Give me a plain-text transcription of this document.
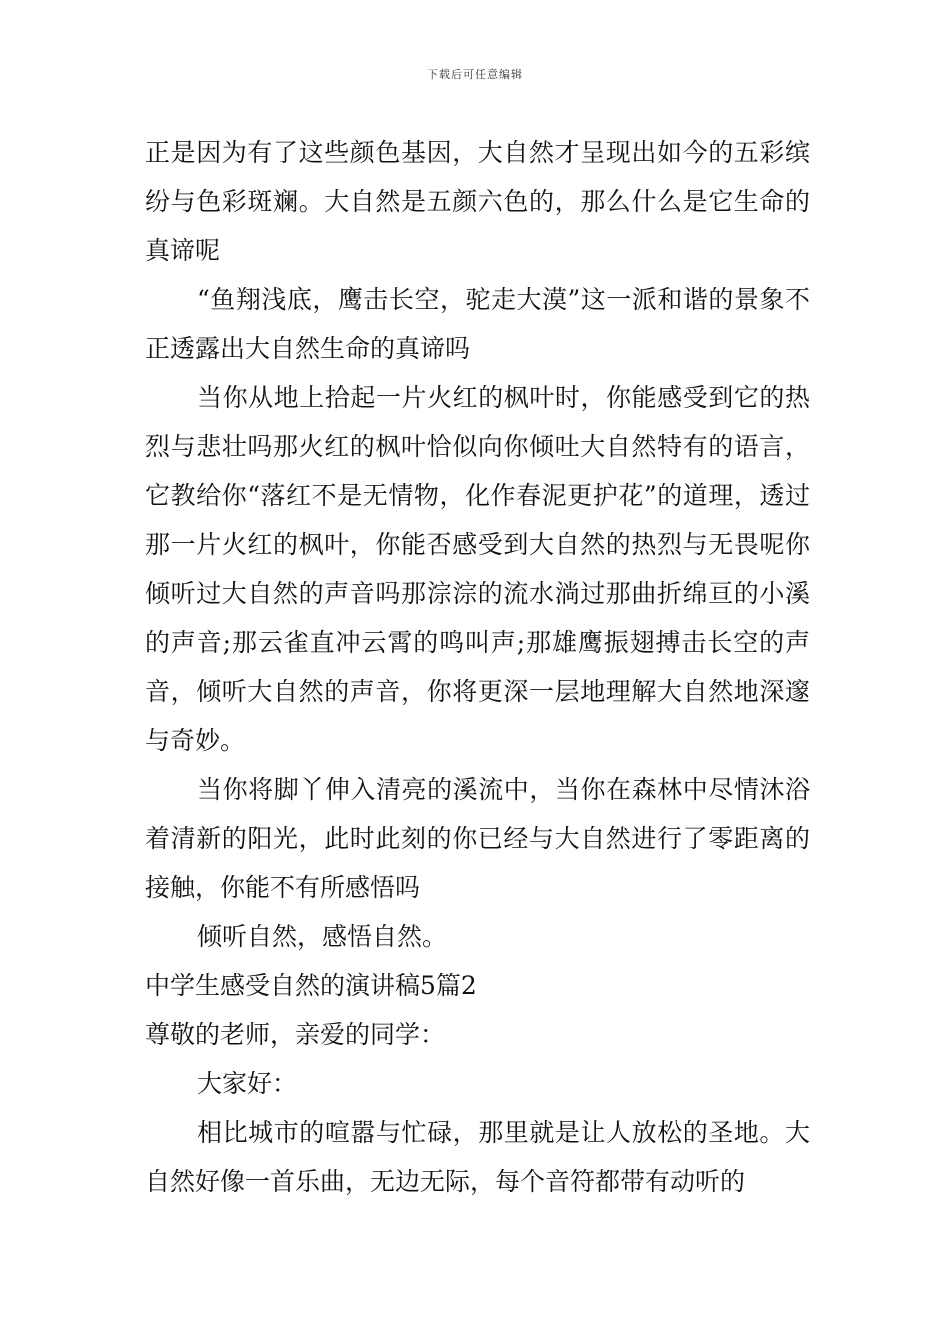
下载后可任意编辑

正是因为有了这些颜色基因，大自然才呈现出如今的五彩缤纷与色彩斑斓。大自然是五颜六色的，那么什么是它生命的真谛呢

“鱼翔浅底，鹰击长空，驼走大漠”这一派和谐的景象不正透露出大自然生命的真谛吗

当你从地上拾起一片火红的枫叶时，你能感受到它的热烈与悲壮吗那火红的枫叶恰似向你倾吐大自然特有的语言，它教给你“落红不是无情物，化作春泥更护花”的道理，透过那一片火红的枫叶，你能否感受到大自然的热烈与无畏呢你倾听过大自然的声音吗那淙淙的流水淌过那曲折绵亘的小溪的声音;那云雀直冲云霄的鸣叫声;那雄鹰振翅搏击长空的声音，倾听大自然的声音，你将更深一层地理解大自然地深邃与奇妙。

当你将脚丫伸入清亮的溪流中，当你在森林中尽情沐浴着清新的阳光，此时此刻的你已经与大自然进行了零距离的接触，你能不有所感悟吗

倾听自然，感悟自然。

中学生感受自然的演讲稿5篇2

尊敬的老师，亲爱的同学：

大家好：

相比城市的喧嚣与忙碌，那里就是让人放松的圣地。大自然好像一首乐曲，无边无际，每个音符都带有动听的
